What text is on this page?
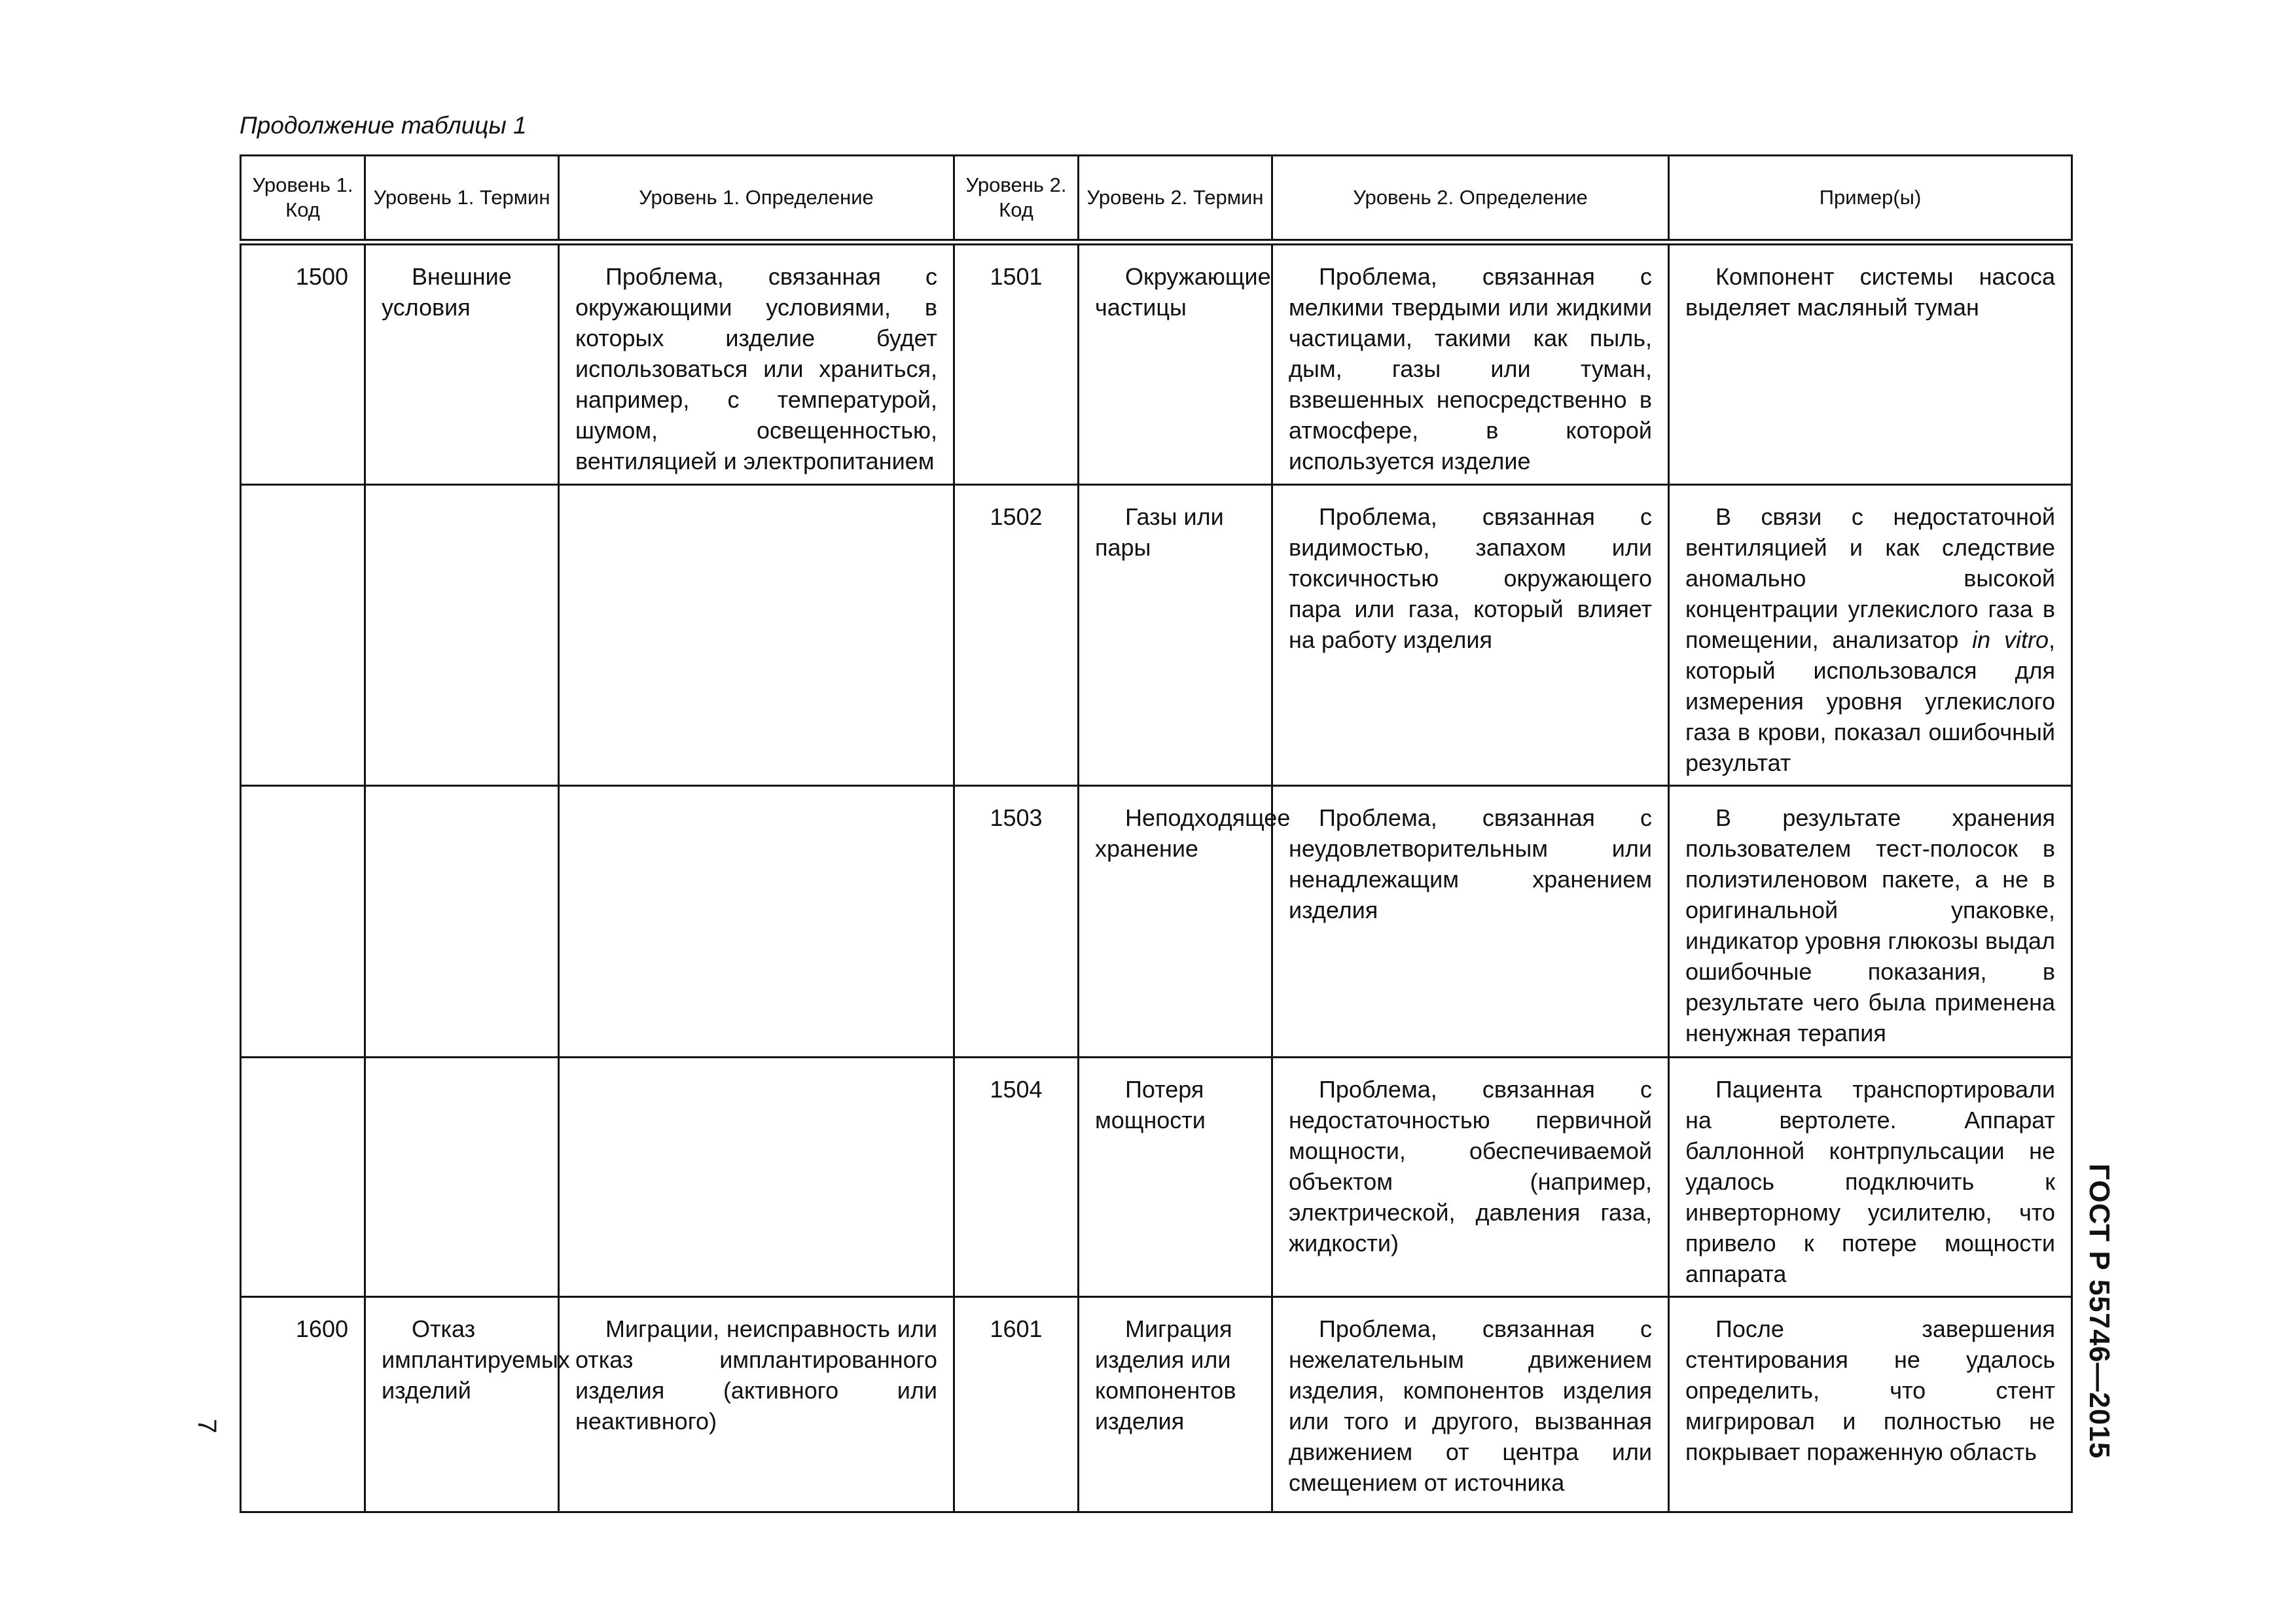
Продолжение таблицы 1
Уровень 1. Код	Уровень 1. Термин	Уровень 1. Определение	Уровень 2. Код	Уровень 2. Термин	Уровень 2. Определение	Пример(ы)
1500	Внешние условия	Проблема, связанная с окружающими условиями, в которых изделие будет использоваться или храниться, например, с температурой, шумом, освещенностью, вентиляцией и электропитанием	1501	Окружающие частицы	Проблема, связанная с мелкими твердыми или жидкими частицами, такими как пыль, дым, газы или туман, взвешенных непосредственно в атмосфере, в которой используется изделие	Компонент системы насоса выделяет масляный туман
			1502	Газы или пары	Проблема, связанная с видимостью, запахом или токсичностью окружающего пара или газа, который влияет на работу изделия	В связи с недостаточной вентиляцией и как следствие аномально высокой концентрации углекислого газа в помещении, анализатор in vitro, который использовался для измерения уровня углекислого газа в крови, показал ошибочный результат
			1503	Неподходящее хранение	Проблема, связанная с неудовлетворительным или ненадлежащим хранением изделия	В результате хранения пользователем тест-полосок в полиэтиленовом пакете, а не в оригинальной упаковке, индикатор уровня глюкозы выдал ошибочные показания, в результате чего была применена ненужная терапия
			1504	Потеря мощности	Проблема, связанная с недостаточностью первичной мощности, обеспечиваемой объектом (например, электрической, давления газа, жидкости)	Пациента транспортировали на вертолете. Аппарат баллонной контрпульсации не удалось подключить к инверторному усилителю, что привело к потере мощности аппарата
1600	Отказ имплантируемых изделий	Миграции, неисправность или отказ имплантированного изделия (активного или неактивного)	1601	Миграция изделия или компонентов изделия	Проблема, связанная с нежелательным движением изделия, компонентов изделия или того и другого, вызванная движением от центра или смещением от источника	После завершения стентирования не удалось определить, что стент мигрировал и полностью не покрывает пораженную область ГОСТ Р 55746—2015
7
